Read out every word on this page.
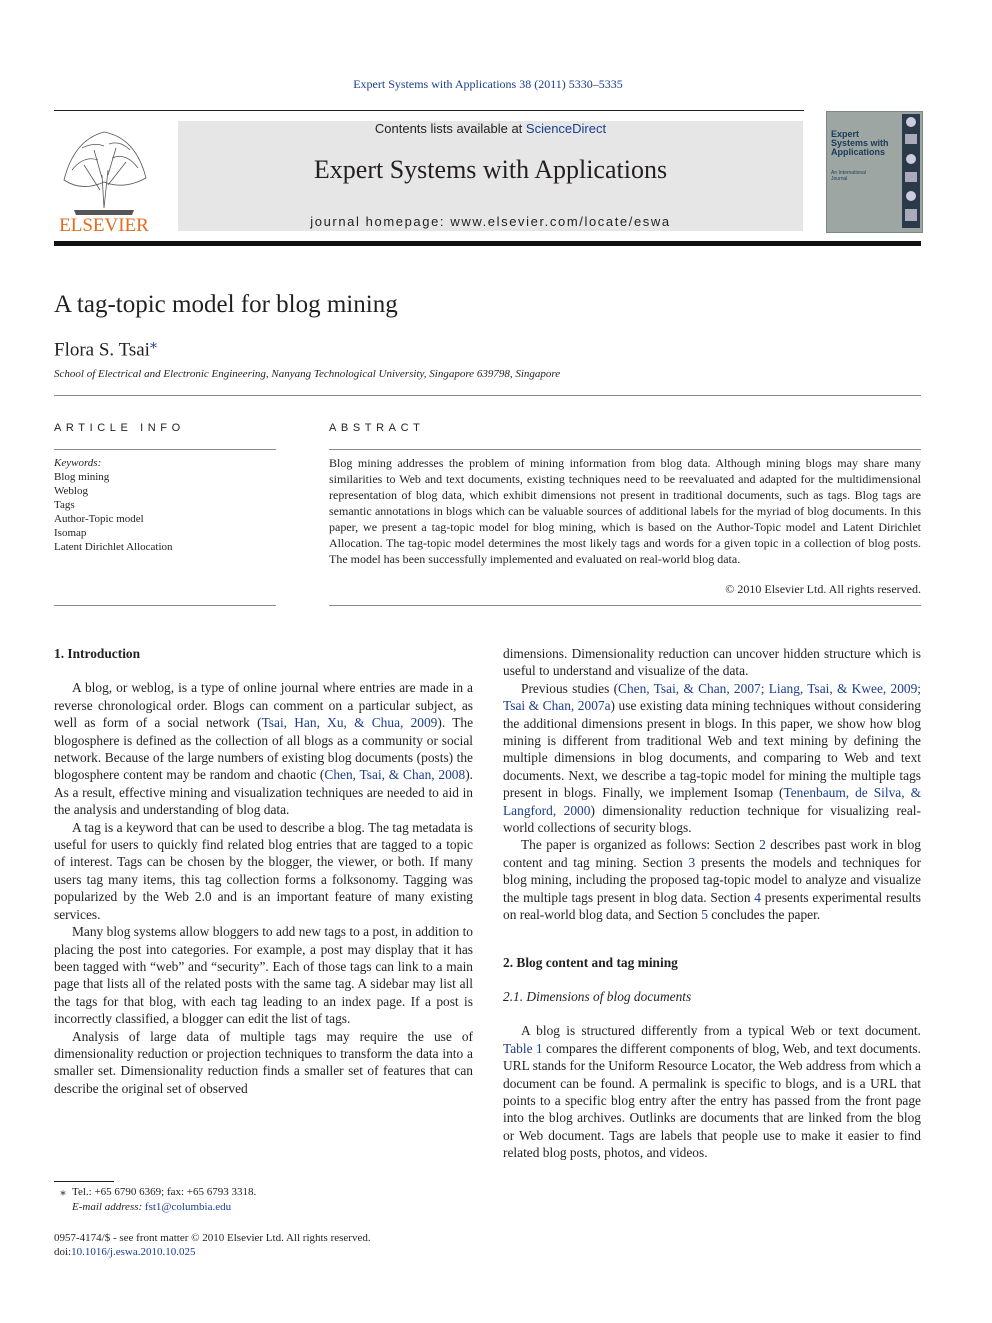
Expert Systems with Applications 38 (2011) 5330–5335
ELSEVIER
Contents lists available at ScienceDirect
Expert Systems with Applications
journal homepage: www.elsevier.com/locate/eswa
Expert Systems with Applications
An International Journal
A tag-topic model for blog mining
Flora S. Tsai⁎
School of Electrical and Electronic Engineering, Nanyang Technological University, Singapore 639798, Singapore
ARTICLE INFO
Keywords:
Blog mining
Weblog
Tags
Author-Topic model
Isomap
Latent Dirichlet Allocation
ABSTRACT
Blog mining addresses the problem of mining information from blog data. Although mining blogs may share many similarities to Web and text documents, existing techniques need to be reevaluated and adapted for the multidimensional representation of blog data, which exhibit dimensions not present in traditional documents, such as tags. Blog tags are semantic annotations in blogs which can be valuable sources of additional labels for the myriad of blog documents. In this paper, we present a tag-topic model for blog mining, which is based on the Author-Topic model and Latent Dirichlet Allocation. The tag-topic model determines the most likely tags and words for a given topic in a collection of blog posts. The model has been successfully implemented and evaluated on real-world blog data.
© 2010 Elsevier Ltd. All rights reserved.
1. Introduction

A blog, or weblog, is a type of online journal where entries are made in a reverse chronological order. Blogs can comment on a particular subject, as well as form of a social network (Tsai, Han, Xu, & Chua, 2009). The blogosphere is defined as the collection of all blogs as a community or social network. Because of the large numbers of existing blog documents (posts) the blogosphere content may be random and chaotic (Chen, Tsai, & Chan, 2008). As a result, effective mining and visualization techniques are needed to aid in the analysis and understanding of blog data.

A tag is a keyword that can be used to describe a blog. The tag metadata is useful for users to quickly find related blog entries that are tagged to a topic of interest. Tags can be chosen by the blogger, the viewer, or both. If many users tag many items, this tag collection forms a folksonomy. Tagging was popularized by the Web 2.0 and is an important feature of many existing services.

Many blog systems allow bloggers to add new tags to a post, in addition to placing the post into categories. For example, a post may display that it has been tagged with “web” and “security”. Each of those tags can link to a main page that lists all of the related posts with the same tag. A sidebar may list all the tags for that blog, with each tag leading to an index page. If a post is incorrectly classified, a blogger can edit the list of tags.

Analysis of large data of multiple tags may require the use of dimensionality reduction or projection techniques to transform the data into a smaller set. Dimensionality reduction finds a smaller set of features that can describe the original set of observed

dimensions. Dimensionality reduction can uncover hidden structure which is useful to understand and visualize of the data.

Previous studies (Chen, Tsai, & Chan, 2007; Liang, Tsai, & Kwee, 2009; Tsai & Chan, 2007a) use existing data mining techniques without considering the additional dimensions present in blogs. In this paper, we show how blog mining is different from traditional Web and text mining by defining the multiple dimensions in blog documents, and comparing to Web and text documents. Next, we describe a tag-topic model for mining the multiple tags present in blogs. Finally, we implement Isomap (Tenenbaum, de Silva, & Langford, 2000) dimensionality reduction technique for visualizing real-world collections of security blogs.

The paper is organized as follows: Section 2 describes past work in blog content and tag mining. Section 3 presents the models and techniques for blog mining, including the proposed tag-topic model to analyze and visualize the multiple tags present in blog data. Section 4 presents experimental results on real-world blog data, and Section 5 concludes the paper.

2. Blog content and tag mining
2.1. Dimensions of blog documents

A blog is structured differently from a typical Web or text document. Table 1 compares the different components of blog, Web, and text documents. URL stands for the Uniform Resource Locator, the Web address from which a document can be found. A permalink is specific to blogs, and is a URL that points to a specific blog entry after the entry has passed from the front page into the blog archives. Outlinks are documents that are linked from the blog or Web document. Tags are labels that people use to make it easier to find related blog posts, photos, and videos.

⁎ Tel.: +65 6790 6369; fax: +65 6793 3318.
E-mail address: fst1@columbia.edu
0957-4174/$ - see front matter © 2010 Elsevier Ltd. All rights reserved.
doi:10.1016/j.eswa.2010.10.025
